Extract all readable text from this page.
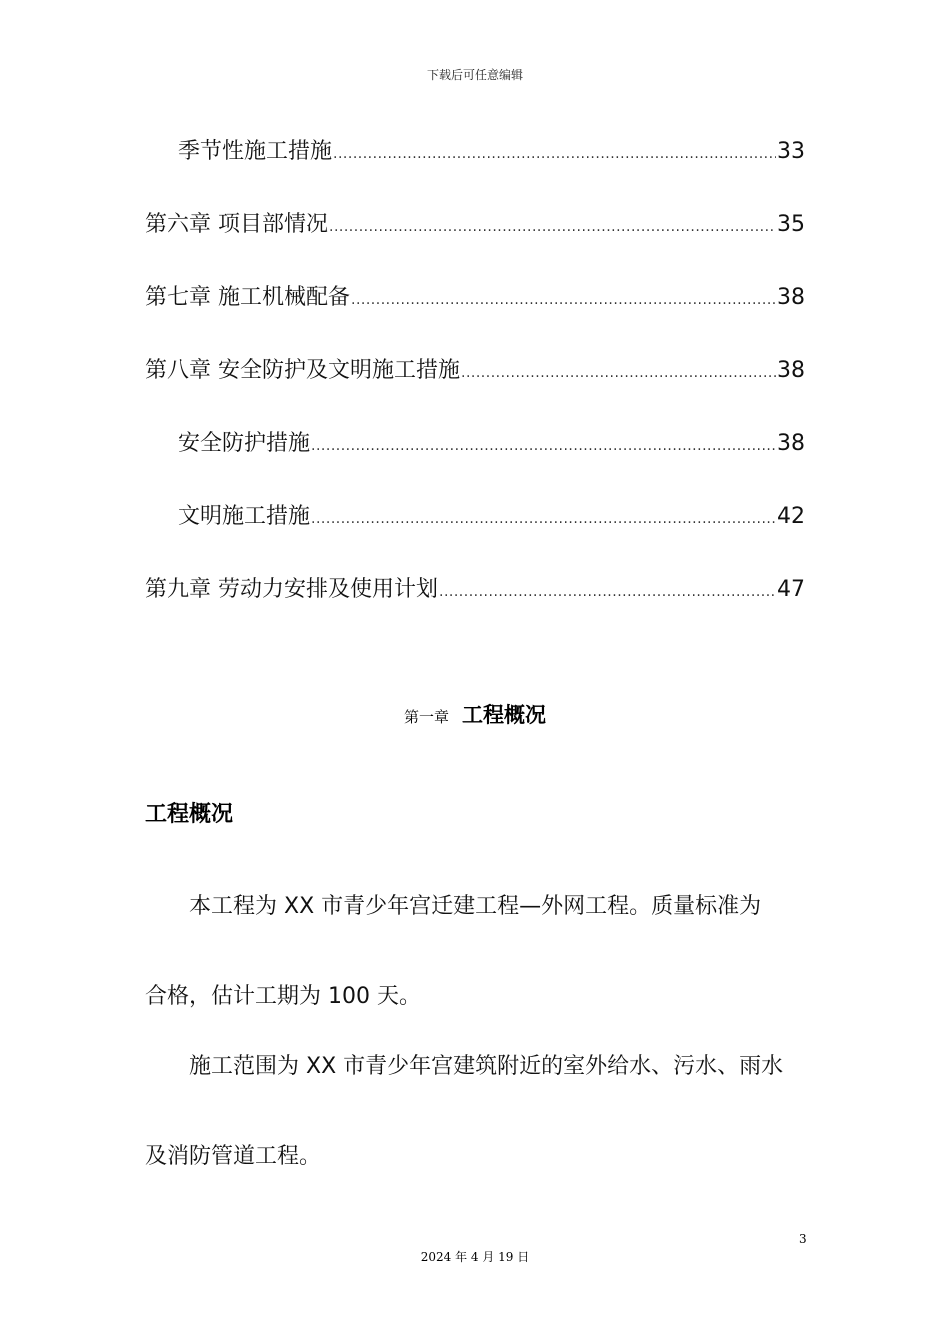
下载后可任意编辑
季节性施工措施 .....	33
第六章 项目部情况 .....	35
第七章 施工机械配备 .....	38
第八章 安全防护及文明施工措施 .....	38
安全防护措施 .....	38
文明施工措施 .....	42
第九章 劳动力安排及使用计划 .....	47
第一章 工程概况
工程概况
本工程为 XX 市青少年宫迁建工程—外网工程。质量标准为
合格，估计工期为 100 天。
施工范围为 XX 市青少年宫建筑附近的室外给水、污水、雨水
及消防管道工程。
3
2024 年 4 月 19 日
